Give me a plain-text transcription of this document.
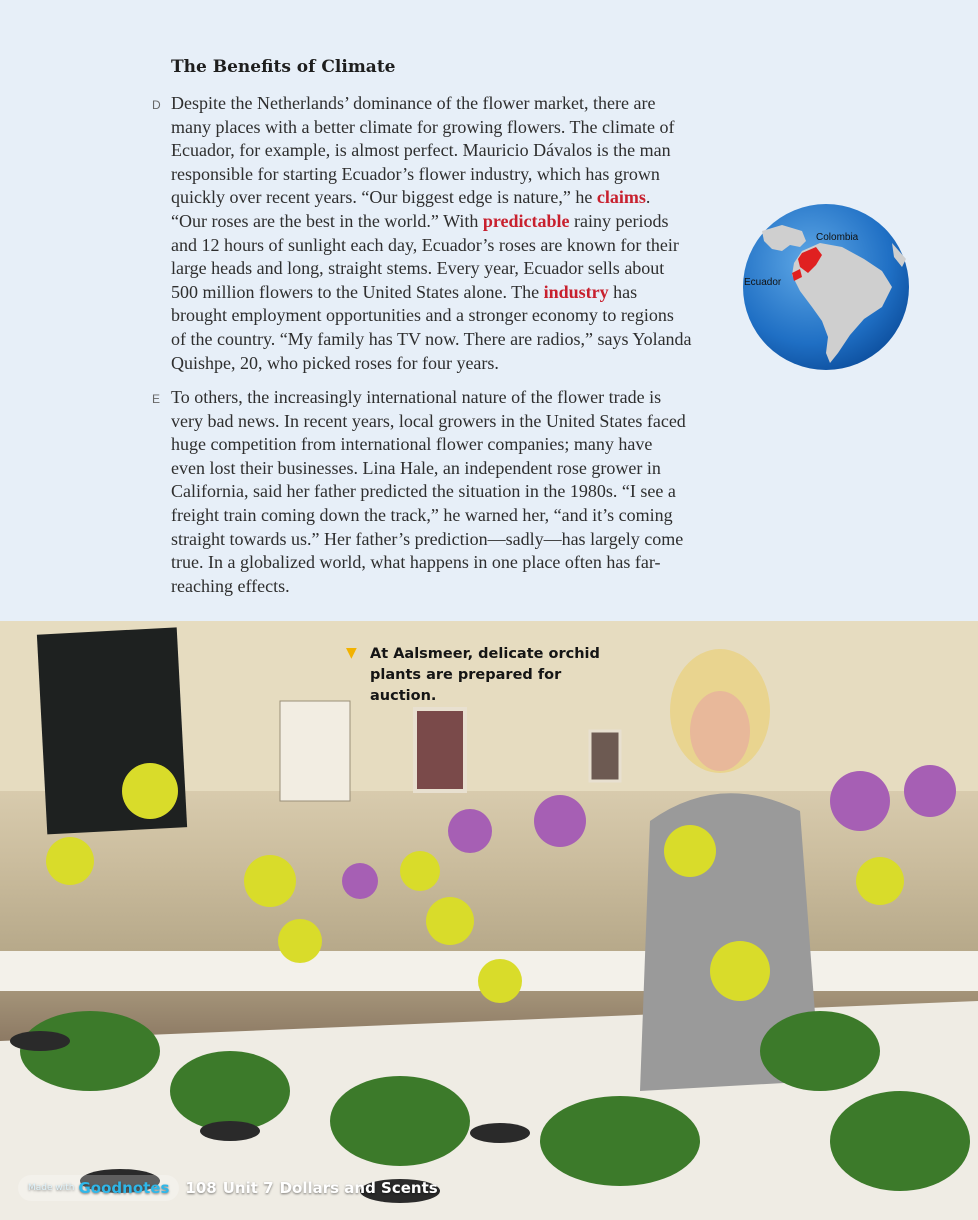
The Benefits of Climate
D Despite the Netherlands’ dominance of the flower market, there are
many places with a better climate for growing flowers. The climate of
Ecuador, for example, is almost perfect. Mauricio Dávalos is the man
responsible for starting Ecuador’s flower industry, which has grown
quickly over recent years. “Our biggest edge is nature,” he claims.
“Our roses are the best in the world.” With predictable rainy periods
and 12 hours of sunlight each day, Ecuador’s roses are known for their
large heads and long, straight stems. Every year, Ecuador sells about
500 million flowers to the United States alone. The industry has
brought employment opportunities and a stronger economy to regions
of the country. “My family has TV now. There are radios,” says Yolanda
Quishpe, 20, who picked roses for four years.
E To others, the increasingly international nature of the flower trade is
very bad news. In recent years, local growers in the United States faced
huge competition from international flower companies; many have
even lost their businesses. Lina Hale, an independent rose grower in
California, said her father predicted the situation in the 1980s. “I see a
freight train coming down the track,” he warned her, “and it’s coming
straight towards us.” Her father’s prediction—sadly—has largely come
true. In a globalized world, what happens in one place often has far-
reaching effects.
Colombia
Ecuador
▼ At Aalsmeer, delicate orchid
plants are prepared for auction.
Made with Goodnotes 108 Unit 7 Dollars and Scents
